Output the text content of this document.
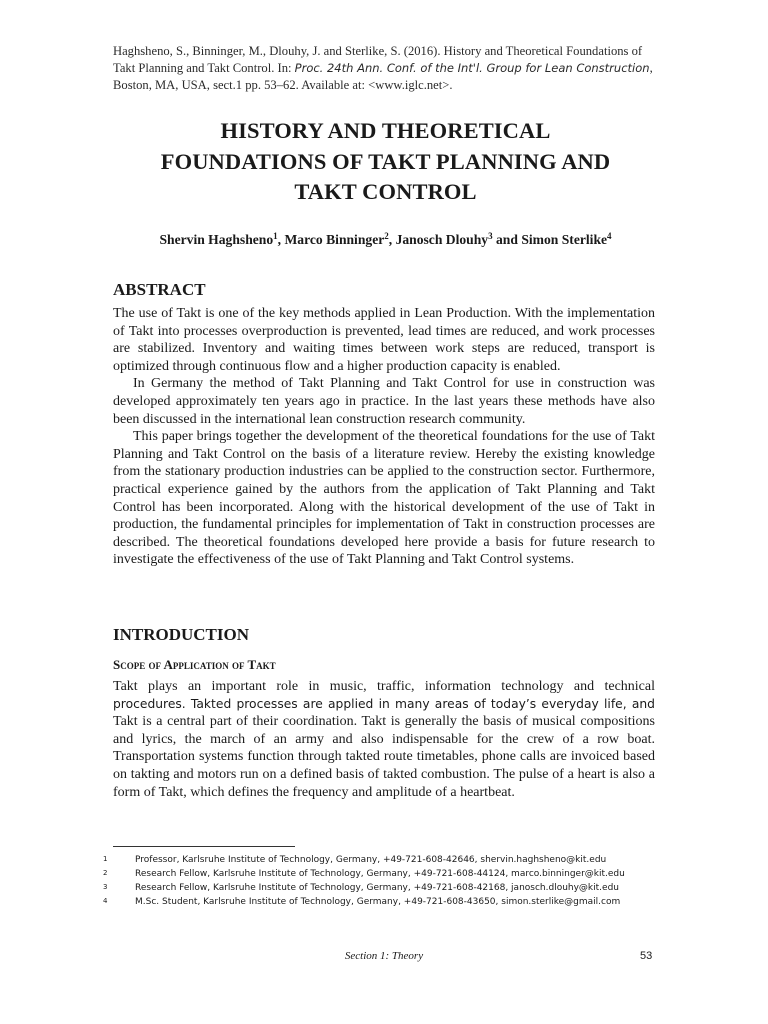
Haghsheno, S., Binninger, M., Dlouhy, J. and Sterlike, S. (2016). History and Theoretical Foundations of
Takt Planning and Takt Control. In: Proc. 24th Ann. Conf. of the Int'l. Group for Lean Construction,
Boston, MA, USA, sect.1 pp. 53–62. Available at: <www.iglc.net>.
HISTORY AND THEORETICAL
FOUNDATIONS OF TAKT PLANNING AND
TAKT CONTROL
Shervin Haghsheno$^1$, Marco Binninger$^2$, Janosch Dlouhy$^3$ and Simon Sterlike$^4$
ABSTRACT

The use of Takt is one of the key methods applied in Lean Production. With the implementation of Takt into processes overproduction is prevented, lead times are reduced, and work processes are stabilized. Inventory and waiting times between work steps are reduced, transport is optimized through continuous flow and a higher production capacity is enabled.

In Germany the method of Takt Planning and Takt Control for use in construction was developed approximately ten years ago in practice. In the last years these methods have also been discussed in the international lean construction research community.

This paper brings together the development of the theoretical foundations for the use of Takt Planning and Takt Control on the basis of a literature review. Hereby the existing knowledge from the stationary production industries can be applied to the construction sector. Furthermore, practical experience gained by the authors from the application of Takt Planning and Takt Control has been incorporated. Along with the historical development of the use of Takt in production, the fundamental principles for implementation of Takt in construction processes are described. The theoretical foundations developed here provide a basis for future research to investigate the effectiveness of the use of Takt Planning and Takt Control systems.

INTRODUCTION
Scope of Application of Takt

Takt plays an important role in music, traffic, information technology and technical procedures. Takted processes are applied in many areas of today’s everyday life, and Takt is a central part of their coordination. Takt is generally the basis of musical compositions and lyrics, the march of an army and also indispensable for the crew of a row boat. Transportation systems function through takted route timetables, phone calls are invoiced based on takting and motors run on a defined basis of takted combustion. The pulse of a heart is also a form of Takt, which defines the frequency and amplitude of a heartbeat.

1	Professor, Karlsruhe Institute of Technology, Germany, +49-721-608-42646, shervin.haghsheno@kit.edu
2	Research Fellow, Karlsruhe Institute of Technology, Germany, +49-721-608-44124, marco.binninger@kit.edu
3	Research Fellow, Karlsruhe Institute of Technology, Germany, +49-721-608-42168, janosch.dlouhy@kit.edu
4	M.Sc. Student, Karlsruhe Institute of Technology, Germany, +49-721-608-43650, simon.sterlike@gmail.com
Section 1: Theory	53
